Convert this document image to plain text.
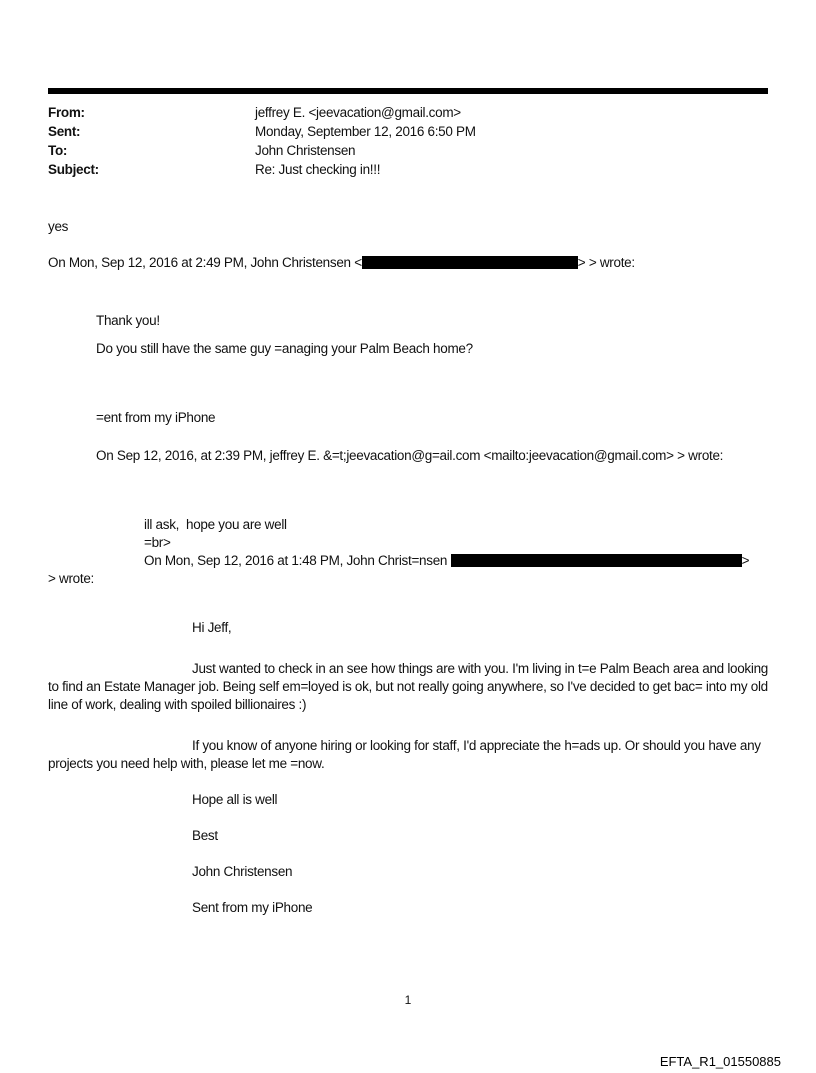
From:	jeffrey E. <jeevacation@gmail.com>
Sent:	Monday, September 12, 2016 6:50 PM
To:	John Christensen
Subject:	Re: Just checking in!!!

yes

On Mon, Sep 12, 2016 at 2:49 PM, John Christensen <	> > wrote:

Thank you!

Do you still have the same guy =anaging your Palm Beach home?

=ent from my iPhone

On Sep 12, 2016, at 2:39 PM, jeffrey E. &=t;jeevacation@g=ail.com <mailto:jeevacation@gmail.com> > wrote:

ill ask,  hope you are well

=br>

On Mon, Sep 12, 2016 at 1:48 PM, John Christ=nsen	>

> wrote:

Hi Jeff,

Just wanted to check in an see how things are with you. I'm living in t=e Palm Beach area and looking to find an Estate Manager job. Being self em=loyed is ok, but not really going anywhere, so I've decided to get bac= into my old line of work, dealing with spoiled billionaires :)

If you know of anyone hiring or looking for staff, I'd appreciate the h=ads up. Or should you have any projects you need help with, please let me =now.

Hope all is well

Best

John Christensen

Sent from my iPhone

1
EFTA_R1_01550885
